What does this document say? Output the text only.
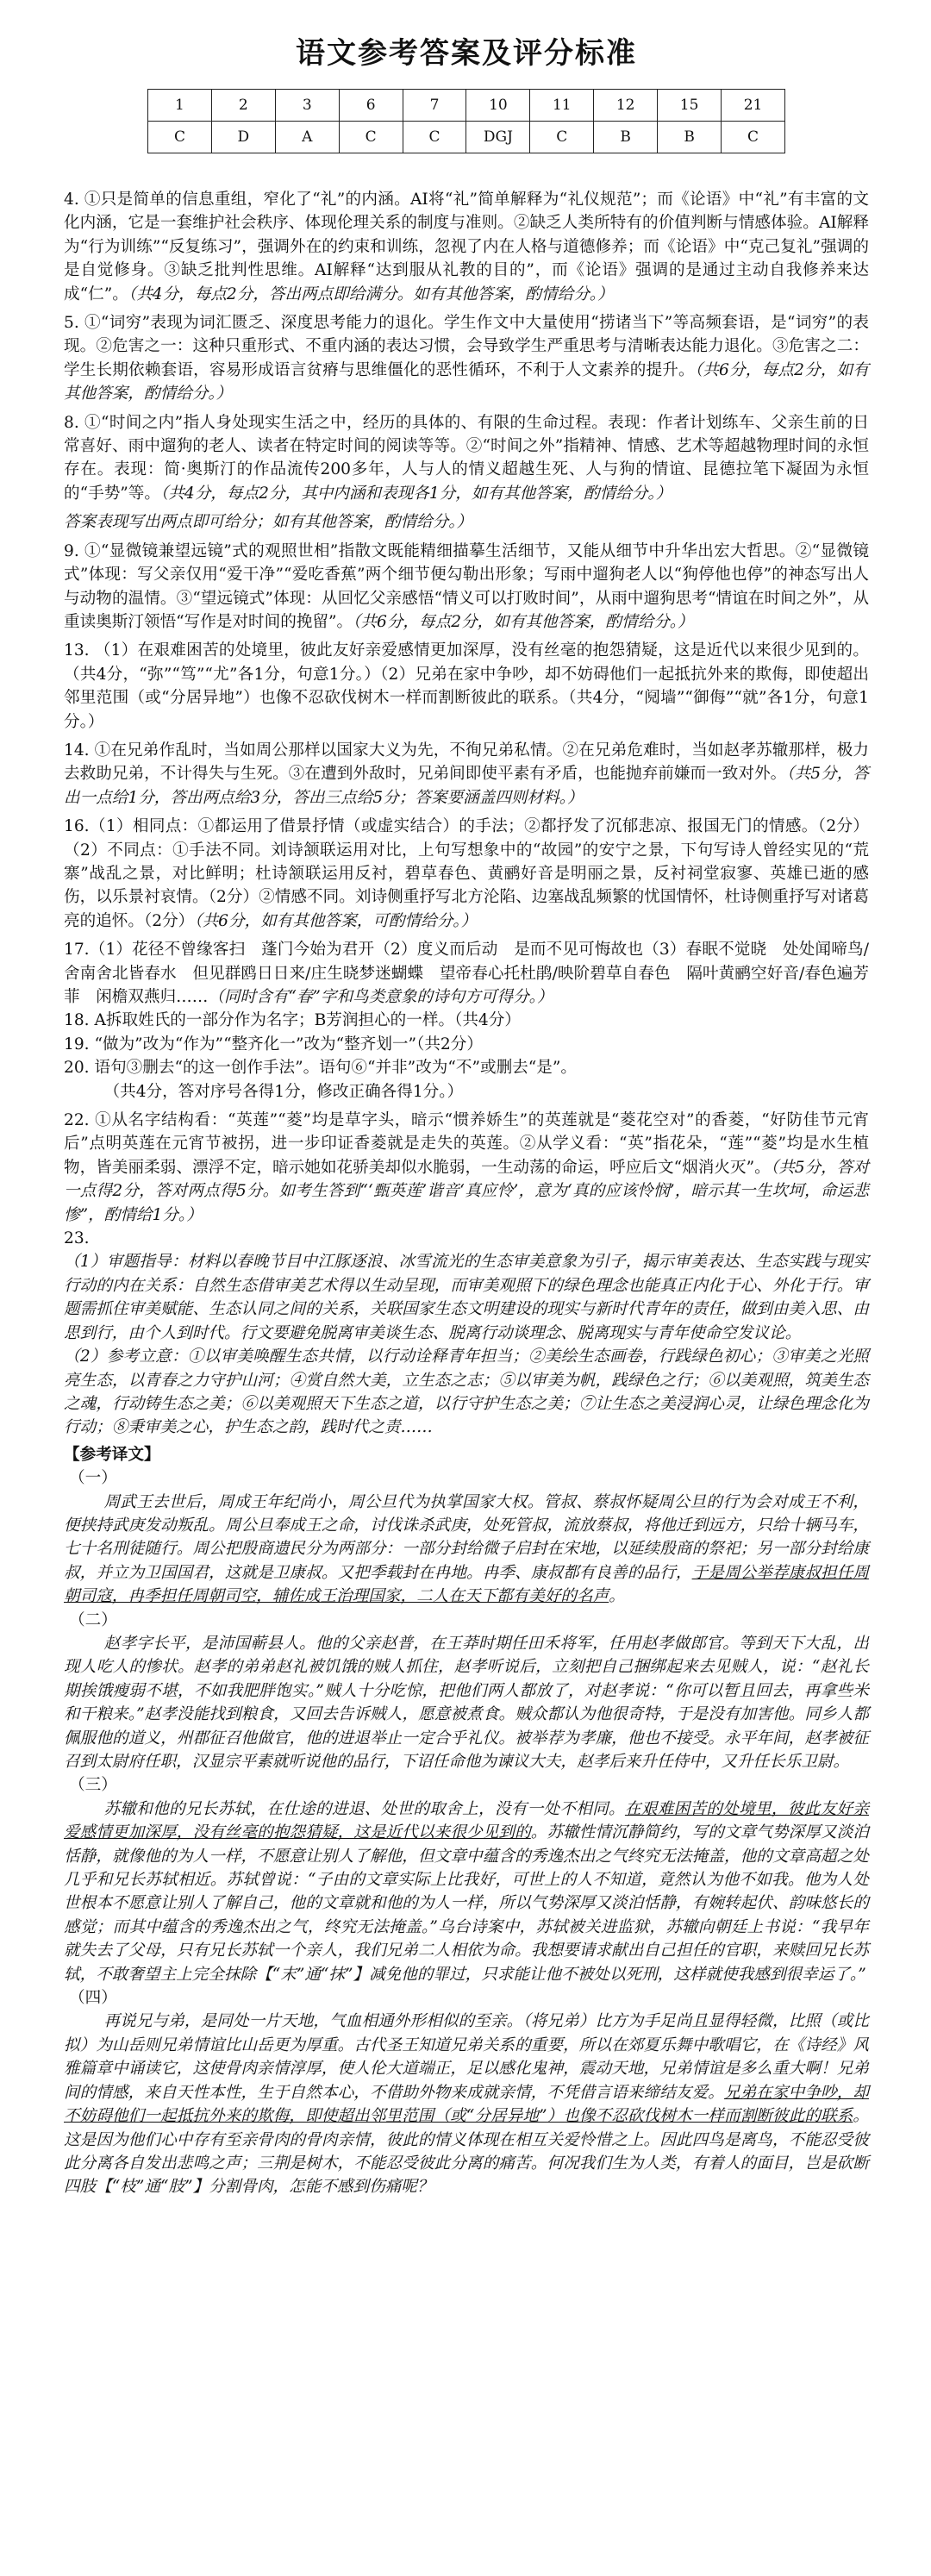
语文参考答案及评分标准
1	2	3	6	7	10	11	12	15	21
C	D	A	C	C	DGJ	C	B	B	C

4. ①只是简单的信息重组，窄化了“礼”的内涵。AI将“礼”简单解释为“礼仪规范”；而《论语》中“礼”有丰富的文化内涵，它是一套维护社会秩序、体现伦理关系的制度与准则。②缺乏人类所特有的价值判断与情感体验。AI解释为“行为训练”“反复练习”，强调外在的约束和训练，忽视了内在人格与道德修养；而《论语》中“克己复礼”强调的是自觉修身。③缺乏批判性思维。AI解释“达到服从礼教的目的”，而《论语》强调的是通过主动自我修养来达成“仁”。（共4分，每点2分，答出两点即给满分。如有其他答案，酌情给分。）

5. ①“词穷”表现为词汇匮乏、深度思考能力的退化。学生作文中大量使用“捞诸当下”等高频套语，是“词穷”的表现。②危害之一：这种只重形式、不重内涵的表达习惯，会导致学生严重思考与清晰表达能力退化。③危害之二：学生长期依赖套语，容易形成语言贫瘠与思维僵化的恶性循环，不利于人文素养的提升。（共6分，每点2分，如有其他答案，酌情给分。）

8. ①“时间之内”指人身处现实生活之中，经历的具体的、有限的生命过程。表现：作者计划练车、父亲生前的日常喜好、雨中遛狗的老人、读者在特定时间的阅读等等。②“时间之外”指精神、情感、艺术等超越物理时间的永恒存在。表现：简·奥斯汀的作品流传200多年，人与人的情义超越生死、人与狗的情谊、昆德拉笔下凝固为永恒的“手势”等。（共4分，每点2分，其中内涵和表现各1分，如有其他答案，酌情给分。）

答案表现写出两点即可给分；如有其他答案，酌情给分。）

9. ①“显微镜兼望远镜”式的观照世相”指散文既能精细描摹生活细节，又能从细节中升华出宏大哲思。②“显微镜式”体现：写父亲仅用“爱干净”“爱吃香蕉”两个细节便勾勒出形象；写雨中遛狗老人以“狗停他也停”的神态写出人与动物的温情。③“望远镜式”体现：从回忆父亲感悟“情义可以打败时间”，从雨中遛狗思考“情谊在时间之外”，从重读奥斯汀领悟“写作是对时间的挽留”。（共6分，每点2分，如有其他答案，酌情给分。）

13. （1）在艰难困苦的处境里，彼此友好亲爱感情更加深厚，没有丝毫的抱怨猜疑，这是近代以来很少见到的。（共4分，“弥”“笃”“尤”各1分，句意1分。）（2）兄弟在家中争吵，却不妨碍他们一起抵抗外来的欺侮，即使超出邻里范围（或“分居异地”）也像不忍砍伐树木一样而割断彼此的联系。（共4分，“阋墙”“御侮”“就”各1分，句意1分。）

14. ①在兄弟作乱时，当如周公那样以国家大义为先，不徇兄弟私情。②在兄弟危难时，当如赵孝苏辙那样，极力去救助兄弟，不计得失与生死。③在遭到外敌时，兄弟间即使平素有矛盾，也能抛弃前嫌而一致对外。（共5分，答出一点给1分，答出两点给3分，答出三点给5分；答案要涵盖四则材料。）

16.（1）相同点：①都运用了借景抒情（或虚实结合）的手法；②都抒发了沉郁悲凉、报国无门的情感。（2分）（2）不同点：①手法不同。刘诗颔联运用对比，上句写想象中的“故园”的安宁之景，下句写诗人曾经实见的“荒寨”战乱之景，对比鲜明；杜诗颔联运用反衬，碧草春色、黄鹂好音是明丽之景，反衬祠堂寂寥、英雄已逝的感伤，以乐景衬哀情。（2分）②情感不同。刘诗侧重抒写北方沦陷、边塞战乱频繁的忧国情怀，杜诗侧重抒写对诸葛亮的追怀。（2分）（共6分，如有其他答案，可酌情给分。）

17.（1）花径不曾缘客扫　蓬门今始为君开（2）度义而后动　是而不见可悔故也（3）春眠不觉晓　处处闻啼鸟/舍南舍北皆春水　但见群鸥日日来/庄生晓梦迷蝴蝶　望帝春心托杜鹃/映阶碧草自春色　隔叶黄鹂空好音/春色遍芳菲　闲檐双燕归……（同时含有“春”字和鸟类意象的诗句方可得分。）

18. A拆取姓氏的一部分作为名字；B芳润担心的一样。（共4分）

19. “做为”改为“作为”“整齐化一”改为“整齐划一”（共2分）

20. 语句③删去“的这一创作手法”。语句⑥“并非”改为“不”或删去“是”。

（共4分，答对序号各得1分，修改正确各得1分。）

22. ①从名字结构看：“英莲”“菱”均是草字头，暗示“惯养娇生”的英莲就是“菱花空对”的香菱，“好防佳节元宵后”点明英莲在元宵节被拐，进一步印证香菱就是走失的英莲。②从学义看：“英”指花朵，“莲”“菱”均是水生植物，皆美丽柔弱、漂浮不定，暗示她如花骄美却似水脆弱，一生动荡的命运，呼应后文“烟消火灭”。（共5分，答对一点得2分，答对两点得5分。如考生答到“‘甄英莲’谐音‘真应怜’，意为‘真的应该怜悯’，暗示其一生坎坷，命运悲惨”，酌情给1分。）

23.

（1）审题指导：材料以春晚节目中江豚逐浪、冰雪流光的生态审美意象为引子，揭示审美表达、生态实践与现实行动的内在关系：自然生态借审美艺术得以生动呈现，而审美观照下的绿色理念也能真正内化于心、外化于行。审题需抓住审美赋能、生态认同之间的关系，关联国家生态文明建设的现实与新时代青年的责任，做到由美入思、由思到行，由个人到时代。行文要避免脱离审美谈生态、脱离行动谈理念、脱离现实与青年使命空发议论。

（2）参考立意：①以审美唤醒生态共情，以行动诠释青年担当；②美绘生态画卷，行践绿色初心；③审美之光照亮生态，以青春之力守护山河；④赏自然大美，立生态之志；⑤以审美为帆，践绿色之行；⑥以美观照，筑美生态之魂，行动铸生态之美；⑥以美观照天下生态之道，以行守护生态之美；⑦让生态之美浸润心灵，让绿色理念化为行动；⑧秉审美之心，护生态之韵，践时代之责……

【参考译文】

（一）

周武王去世后，周成王年纪尚小，周公旦代为执掌国家大权。管叔、蔡叔怀疑周公旦的行为会对成王不利，便挟持武庚发动叛乱。周公旦奉成王之命，讨伐诛杀武庚，处死管叔，流放蔡叔，将他迁到远方，只给十辆马车，七十名刑徒随行。周公把殷商遗民分为两部分：一部分封给微子启封在宋地，以延续殷商的祭祀；另一部分封给康叔，并立为卫国国君，这就是卫康叔。又把季载封在冉地。冉季、康叔都有良善的品行，于是周公举荐康叔担任周朝司寇，冉季担任周朝司空，辅佐成王治理国家，二人在天下都有美好的名声。

（二）

赵孝字长平，是沛国蕲县人。他的父亲赵普，在王莽时期任田禾将军，任用赵孝做郎官。等到天下大乱，出现人吃人的惨状。赵孝的弟弟赵礼被饥饿的贼人抓住，赵孝听说后，立刻把自己捆绑起来去见贼人，说：“赵礼长期挨饿瘦弱不堪，不如我肥胖饱实。”贼人十分吃惊，把他们两人都放了，对赵孝说：“你可以暂且回去，再拿些米和干粮来。”赵孝没能找到粮食，又回去告诉贼人，愿意被煮食。贼众都认为他很奇特，于是没有加害他。同乡人都佩服他的道义，州郡征召他做官，他的进退举止一定合乎礼仪。被举荐为孝廉，他也不接受。永平年间，赵孝被征召到太尉府任职，汉显宗平素就听说他的品行，下诏任命他为谏议大夫，赵孝后来升任侍中，又升任长乐卫尉。

（三）

苏辙和他的兄长苏轼，在仕途的进退、处世的取舍上，没有一处不相同。在艰难困苦的处境里，彼此友好亲爱感情更加深厚，没有丝毫的抱怨猜疑，这是近代以来很少见到的。苏辙性情沉静简约，写的文章气势深厚又淡泊恬静，就像他的为人一样，不愿意让别人了解他，但文章中蕴含的秀逸杰出之气终究无法掩盖，他的文章高超之处几乎和兄长苏轼相近。苏轼曾说：“子由的文章实际上比我好，可世上的人不知道，竟然认为他不如我。他为人处世根本不愿意让别人了解自己，他的文章就和他的为人一样，所以气势深厚又淡泊恬静，有婉转起伏、韵味悠长的感觉；而其中蕴含的秀逸杰出之气，终究无法掩盖。”乌台诗案中，苏轼被关进监狱，苏辙向朝廷上书说：“我早年就失去了父母，只有兄长苏轼一个亲人，我们兄弟二人相依为命。我想要请求献出自己担任的官职，来赎回兄长苏轼，不敢奢望主上完全抹除【“末”通“抹”】减免他的罪过，只求能让他不被处以死刑，这样就使我感到很幸运了。”

（四）

再说兄与弟，是同处一片天地，气血相通外形相似的至亲。（将兄弟）比方为手足尚且显得轻微，比照（或比拟）为山岳则兄弟情谊比山岳更为厚重。古代圣王知道兄弟关系的重要，所以在郊夏乐舞中歌唱它，在《诗经》风雅篇章中诵读它，这使骨肉亲情淳厚，使人伦大道端正，足以感化鬼神，震动天地，兄弟情谊是多么重大啊！兄弟间的情感，来自天性本性，生于自然本心，不借助外物来成就亲情，不凭借言语来缔结友爱。兄弟在家中争吵，却不妨碍他们一起抵抗外来的欺侮，即使超出邻里范围（或“分居异地”）也像不忍砍伐树木一样而割断彼此的联系。这是因为他们心中存有至亲骨肉的骨肉亲情，彼此的情义体现在相互关爱怜惜之上。因此四鸟是离鸟，不能忍受彼此分离各自发出悲鸣之声；三荆是树木，不能忍受彼此分离的痛苦。何况我们生为人类，有着人的面目，岂是砍断四肢【“枝”通“肢”】分割骨肉，怎能不感到伤痛呢？
